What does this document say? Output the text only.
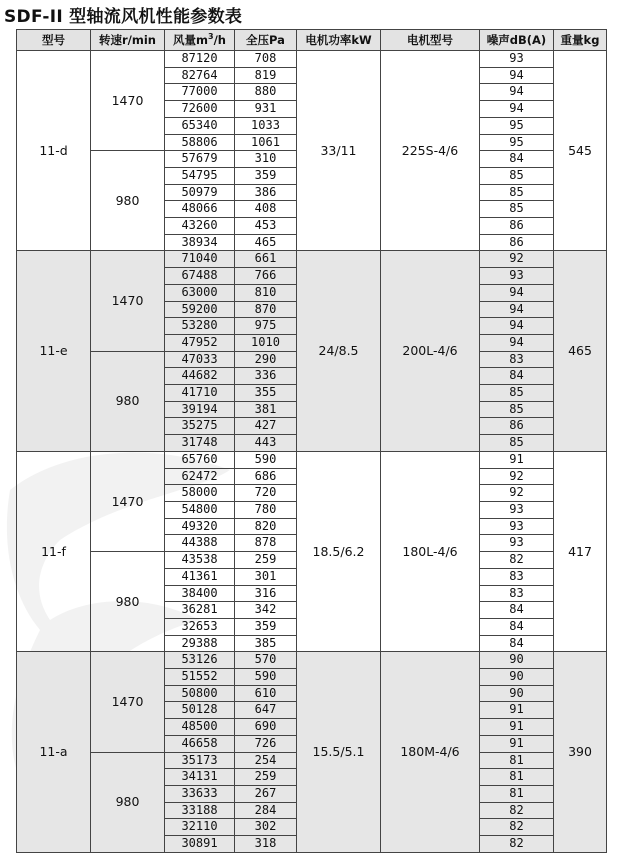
SDF-II 型轴流风机性能参数表
型号	转速r/min	风量$m^3/h$	全压Pa	电机功率kW	电机型号	噪声dB(A)	重量kg
11-d	1470	87120	708	33/11	225S-4/6	93	545
		82764	819			94	
		77000	880			94	
		72600	931			94	
		65340	1033			95	
		58806	1061			95	
	980	57679	310			84	
		54795	359			85	
		50979	386			85	
		48066	408			85	
		43260	453			86	
		38934	465			86	
11-e	1470	71040	661	24/8.5	200L-4/6	92	465
		67488	766			93	
		63000	810			94	
		59200	870			94	
		53280	975			94	
		47952	1010			94	
	980	47033	290			83	
		44682	336			84	
		41710	355			85	
		39194	381			85	
		35275	427			86	
		31748	443			85	
11-f	1470	65760	590	18.5/6.2	180L-4/6	91	417
		62472	686			92	
		58000	720			92	
		54800	780			93	
		49320	820			93	
		44388	878			93	
	980	43538	259			82	
		41361	301			83	
		38400	316			83	
		36281	342			84	
		32653	359			84	
		29388	385			84	
11-a	1470	53126	570	15.5/5.1	180M-4/6	90	390
		51552	590			90	
		50800	610			90	
		50128	647			91	
		48500	690			91	
		46658	726			91	
	980	35173	254			81	
		34131	259			81	
		33633	267			81	
		33188	284			82	
		32110	302			82	
		30891	318			82	
